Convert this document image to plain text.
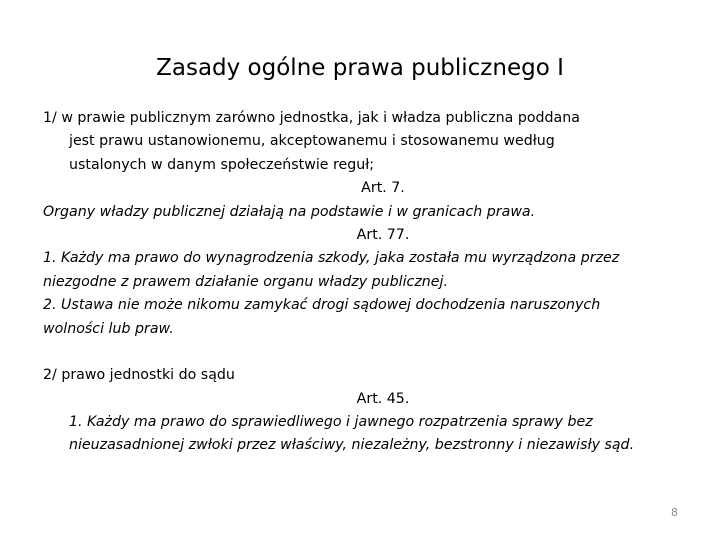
Zasady ogólne prawa publicznego I
1/ w prawie publicznym zarówno jednostka, jak i władza publiczna poddana
jest prawu ustanowionemu, akceptowanemu i stosowanemu według
ustalonych w danym społeczeństwie reguł;
Art. 7.
Organy władzy publicznej działają na podstawie i w granicach prawa.
Art. 77.
1. Każdy ma prawo do wynagrodzenia szkody, jaka została mu wyrządzona przez
niezgodne z prawem działanie organu władzy publicznej.
2. Ustawa nie może nikomu zamykać drogi sądowej dochodzenia naruszonych
wolności lub praw.
2/ prawo jednostki do sądu
Art. 45.
1. Każdy ma prawo do sprawiedliwego i jawnego rozpatrzenia sprawy bez
nieuzasadnionej zwłoki przez właściwy, niezależny, bezstronny i niezawisły sąd.
8
